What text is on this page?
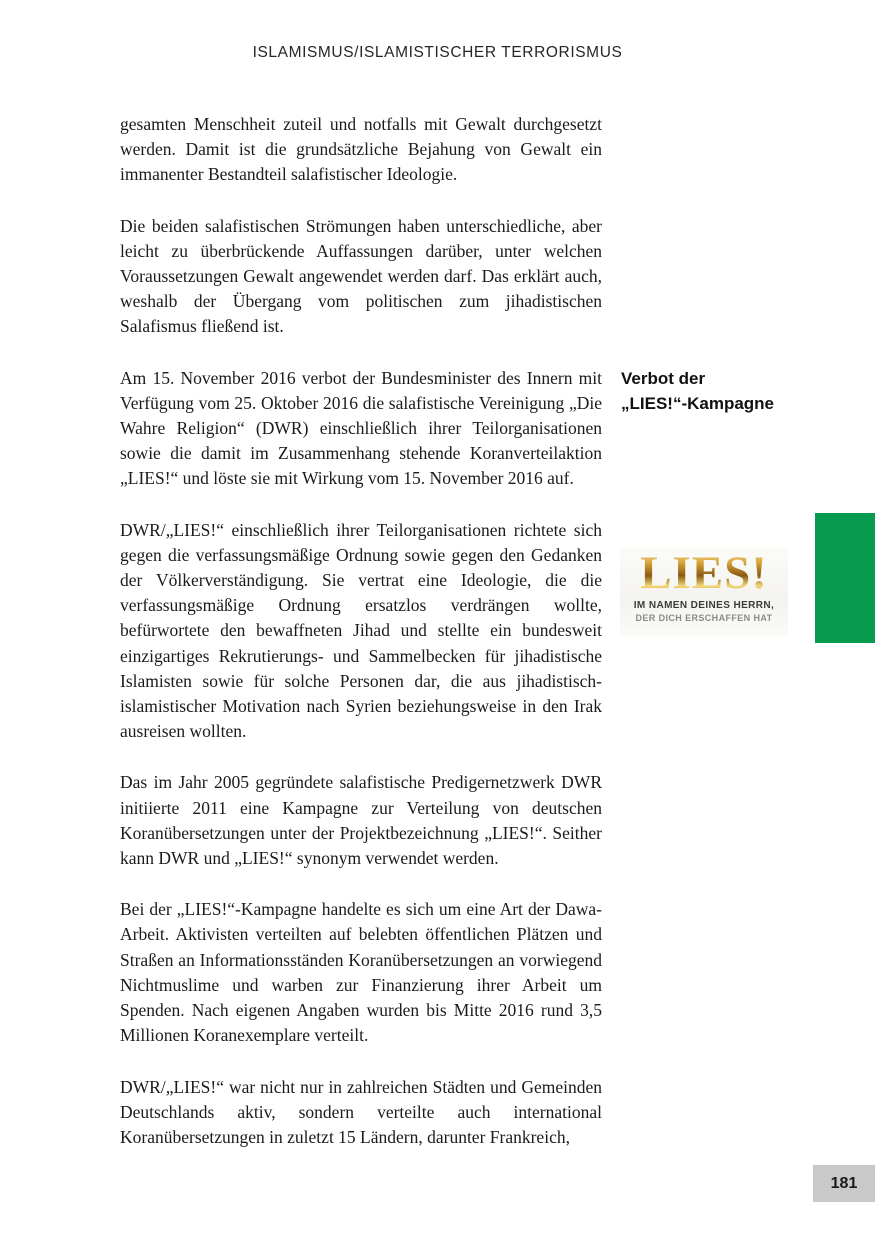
ISLAMISMUS/ISLAMISTISCHER TERRORISMUS

gesamten Menschheit zuteil und notfalls mit Gewalt durchgesetzt werden. Damit ist die grundsätzliche Bejahung von Gewalt ein immanenter Bestandteil salafistischer Ideologie.

Die beiden salafistischen Strömungen haben unterschiedliche, aber leicht zu überbrückende Auffassungen darüber, unter welchen Voraussetzungen Gewalt angewendet werden darf. Das erklärt auch, weshalb der Übergang vom politischen zum jihadistischen Salafismus fließend ist.

Am 15. November 2016 verbot der Bundesminister des Innern mit Verfügung vom 25. Oktober 2016 die salafistische Vereinigung „Die Wahre Religion“ (DWR) einschließlich ihrer Teilorganisationen sowie die damit im Zusammenhang stehende Koranverteilaktion „LIES!“ und löste sie mit Wirkung vom 15. November 2016 auf.

DWR/„LIES!“ einschließlich ihrer Teilorganisationen richtete sich gegen die verfassungsmäßige Ordnung sowie gegen den Gedanken der Völkerverständigung. Sie vertrat eine Ideologie, die die verfassungsmäßige Ordnung ersatzlos verdrängen wollte, befürwortete den bewaffneten Jihad und stellte ein bundesweit einzigartiges Rekrutierungs- und Sammelbecken für jihadistische Islamisten sowie für solche Personen dar, die aus jihadistisch-islamistischer Motivation nach Syrien beziehungsweise in den Irak ausreisen wollten.

Das im Jahr 2005 gegründete salafistische Predigernetzwerk DWR initiierte 2011 eine Kampagne zur Verteilung von deutschen Koranübersetzungen unter der Projektbezeichnung „LIES!“. Seither kann DWR und „LIES!“ synonym verwendet werden.

Bei der „LIES!“-Kampagne handelte es sich um eine Art der Dawa-Arbeit. Aktivisten verteilten auf belebten öffentlichen Plätzen und Straßen an Informationsständen Koranübersetzungen an vorwiegend Nichtmuslime und warben zur Finanzierung ihrer Arbeit um Spenden. Nach eigenen Angaben wurden bis Mitte 2016 rund 3,5 Millionen Koranexemplare verteilt.

DWR/„LIES!“ war nicht nur in zahlreichen Städten und Gemeinden Deutschlands aktiv, sondern verteilte auch international Koranübersetzungen in zuletzt 15 Ländern, darunter Frankreich,

Verbot der
„LIES!“-Kampagne
LIES!
IM NAMEN DEINES HERRN,
DER DICH ERSCHAFFEN HAT
181
